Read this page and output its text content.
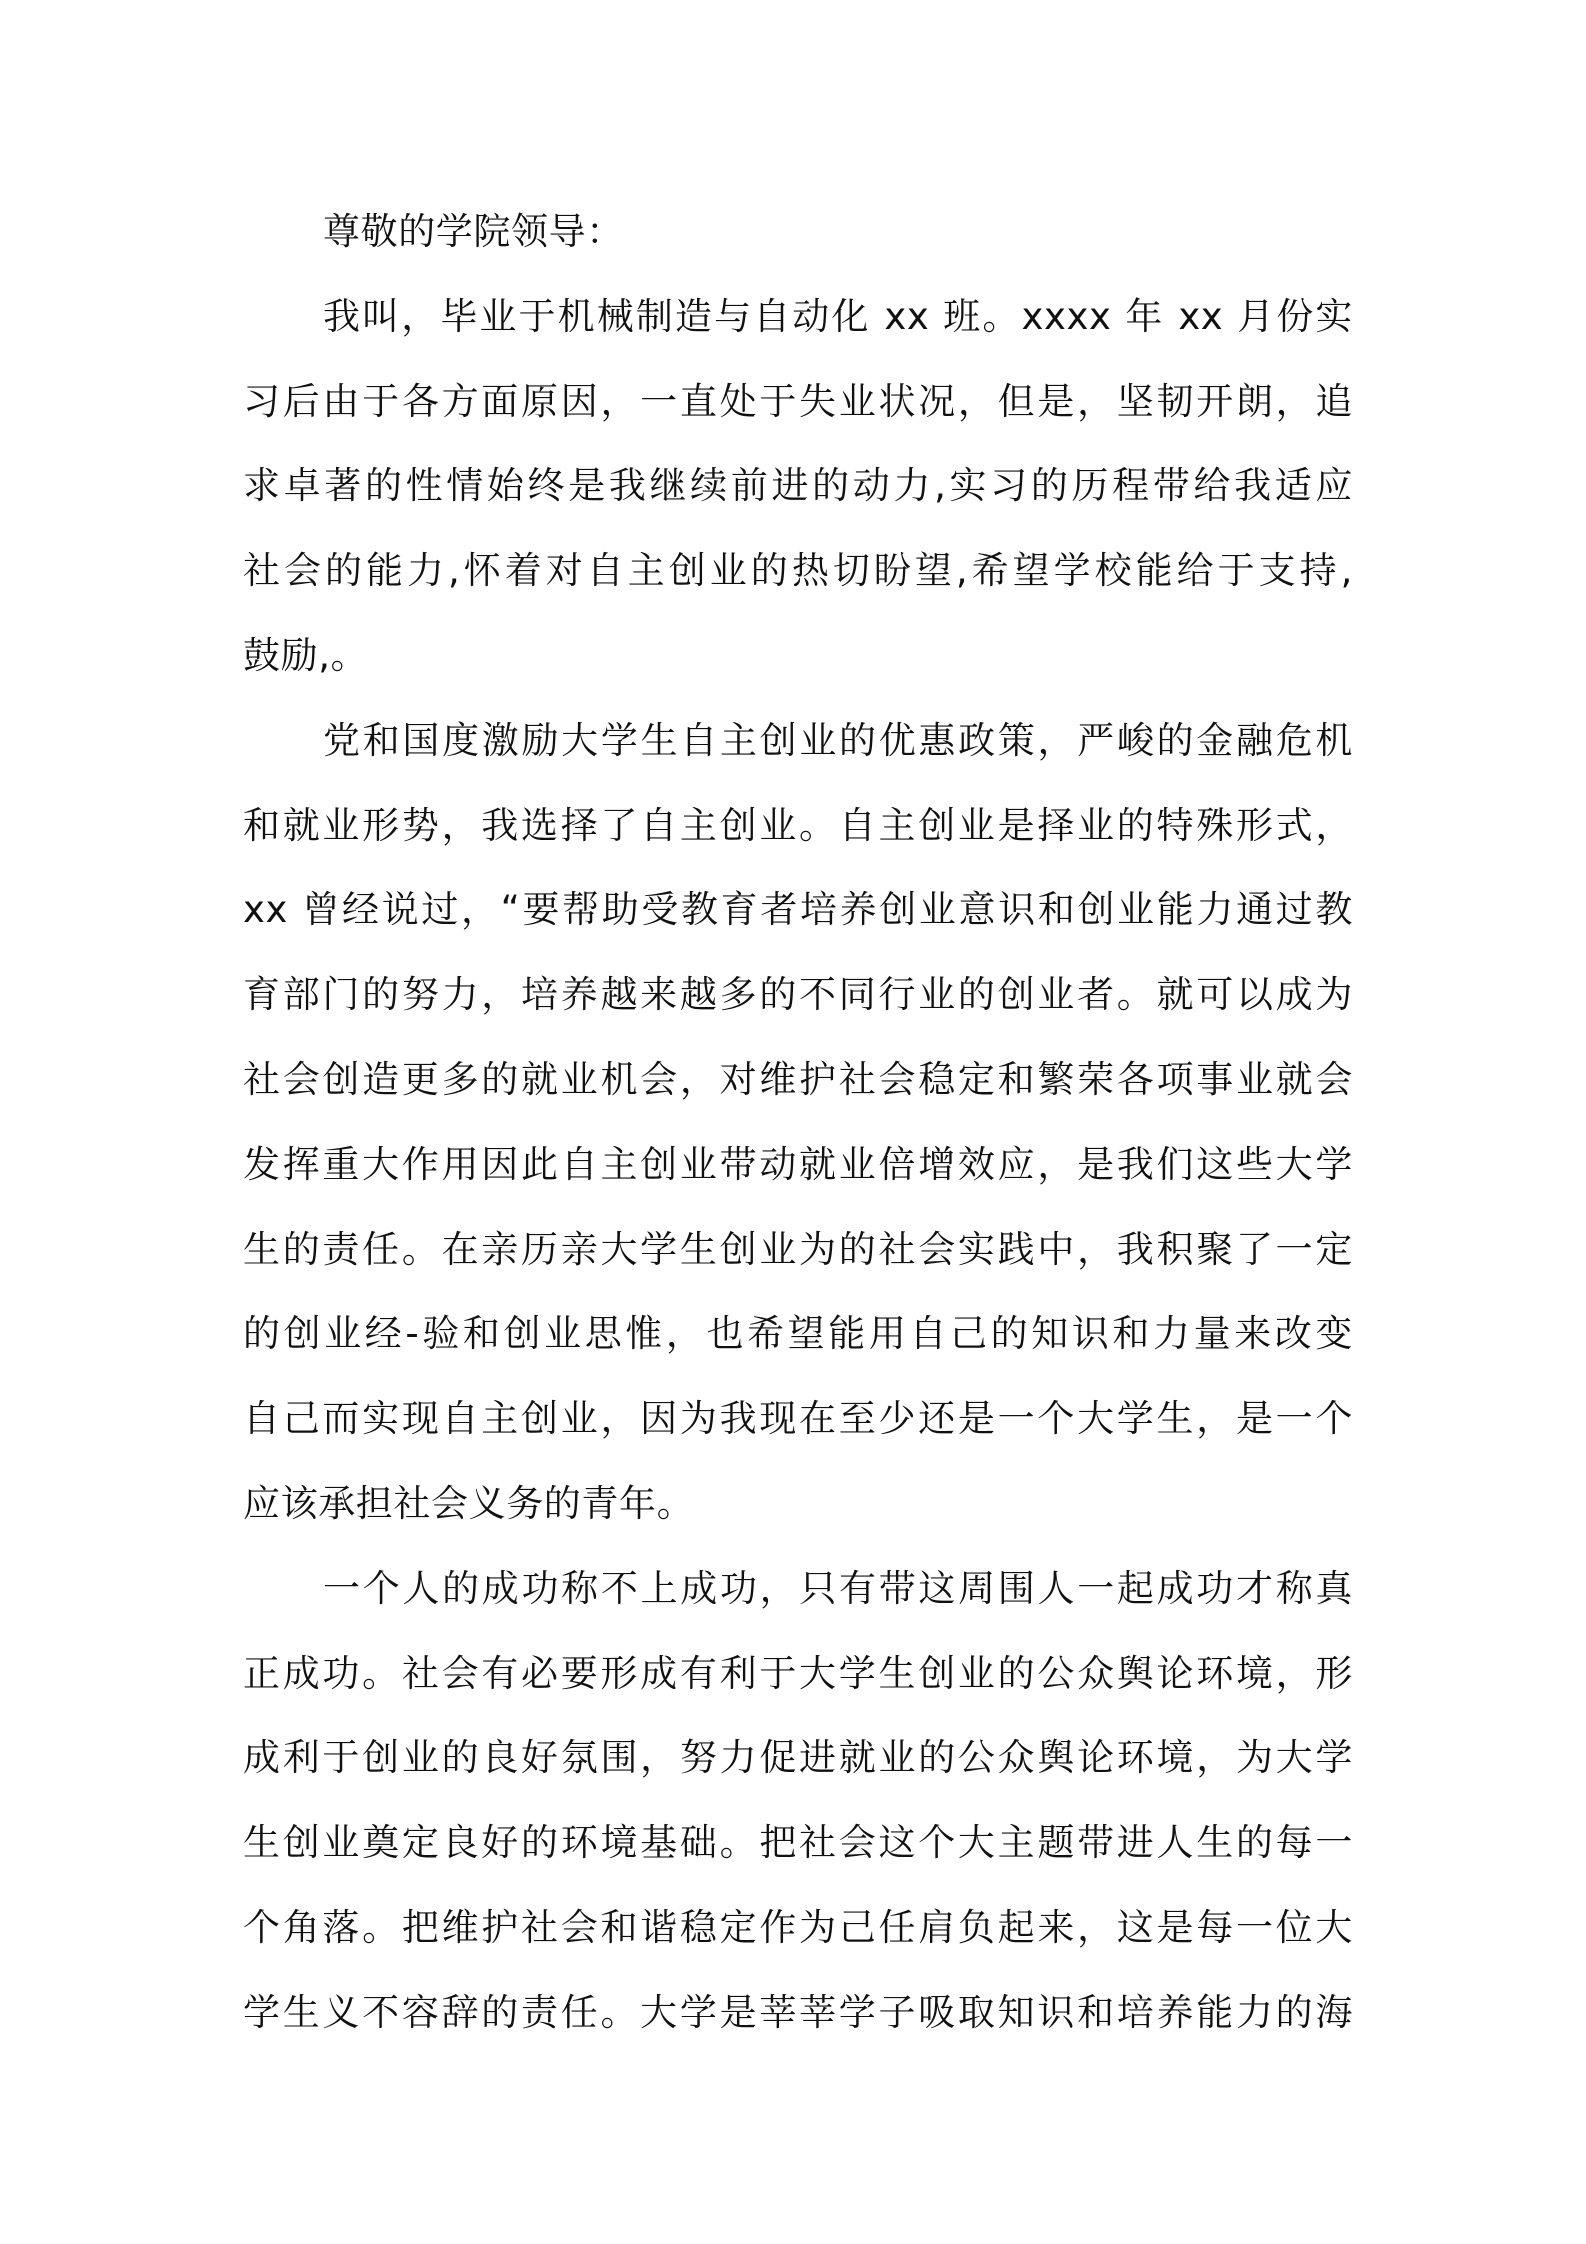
尊敬的学院领导：
我叫，毕业于机械制造与自动化 xx 班。xxxx 年 xx 月份实
习后由于各方面原因，一直处于失业状况，但是，坚韧开朗，追
求卓著的性情始终是我继续前进的动力,实习的历程带给我适应
社会的能力,怀着对自主创业的热切盼望,希望学校能给于支持,
鼓励,。
党和国度激励大学生自主创业的优惠政策，严峻的金融危机
和就业形势，我选择了自主创业。自主创业是择业的特殊形式，
xx 曾经说过，“要帮助受教育者培养创业意识和创业能力通过教
育部门的努力，培养越来越多的不同行业的创业者。就可以成为
社会创造更多的就业机会，对维护社会稳定和繁荣各项事业就会
发挥重大作用因此自主创业带动就业倍增效应，是我们这些大学
生的责任。在亲历亲大学生创业为的社会实践中，我积聚了一定
的创业经-验和创业思惟，也希望能用自己的知识和力量来改变
自己而实现自主创业，因为我现在至少还是一个大学生，是一个
应该承担社会义务的青年。
一个人的成功称不上成功，只有带这周围人一起成功才称真
正成功。社会有必要形成有利于大学生创业的公众舆论环境，形
成利于创业的良好氛围，努力促进就业的公众舆论环境，为大学
生创业奠定良好的环境基础。把社会这个大主题带进人生的每一
个角落。把维护社会和谐稳定作为己任肩负起来，这是每一位大
学生义不容辞的责任。大学是莘莘学子吸取知识和培养能力的海
